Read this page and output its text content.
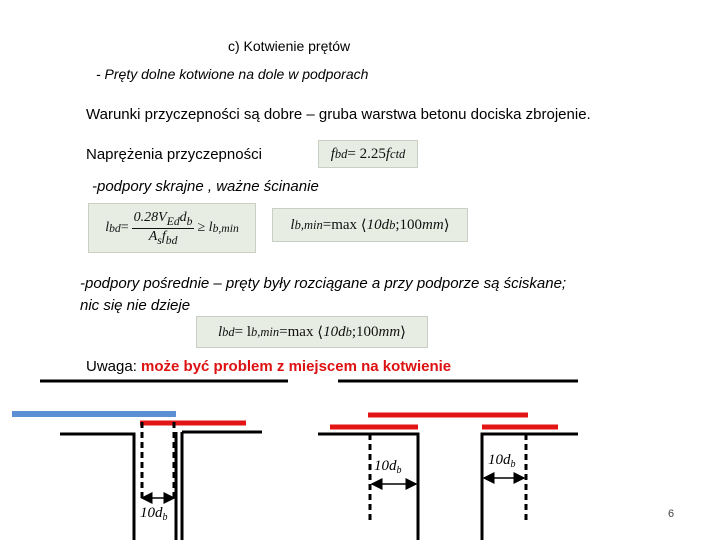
c) Kotwienie prętów
- Pręty dolne kotwione na dole w podporach
Warunki przyczepności są dobre – gruba warstwa betonu dociska zbrojenie.
Naprężenia przyczepności	f bd = 2.25 f ctd
-podpory skrajne , ważne ścinanie
l bd = $\frac{0.28V_{Ed}d_b}{A_sf_{bd}} \ge l$ b,min	l b,min = max ⟨ 10d b ;100 mm ⟩
-podpory pośrednie – pręty były rozciągane a przy podporze są ściskane;
nic się nie dzieje
l bd = l b,min = max ⟨ 10d b ;100 mm ⟩
Uwaga: może być problem z miejscem na kotwienie
$10d_b$
$10d_b$
$10d_b$
6
